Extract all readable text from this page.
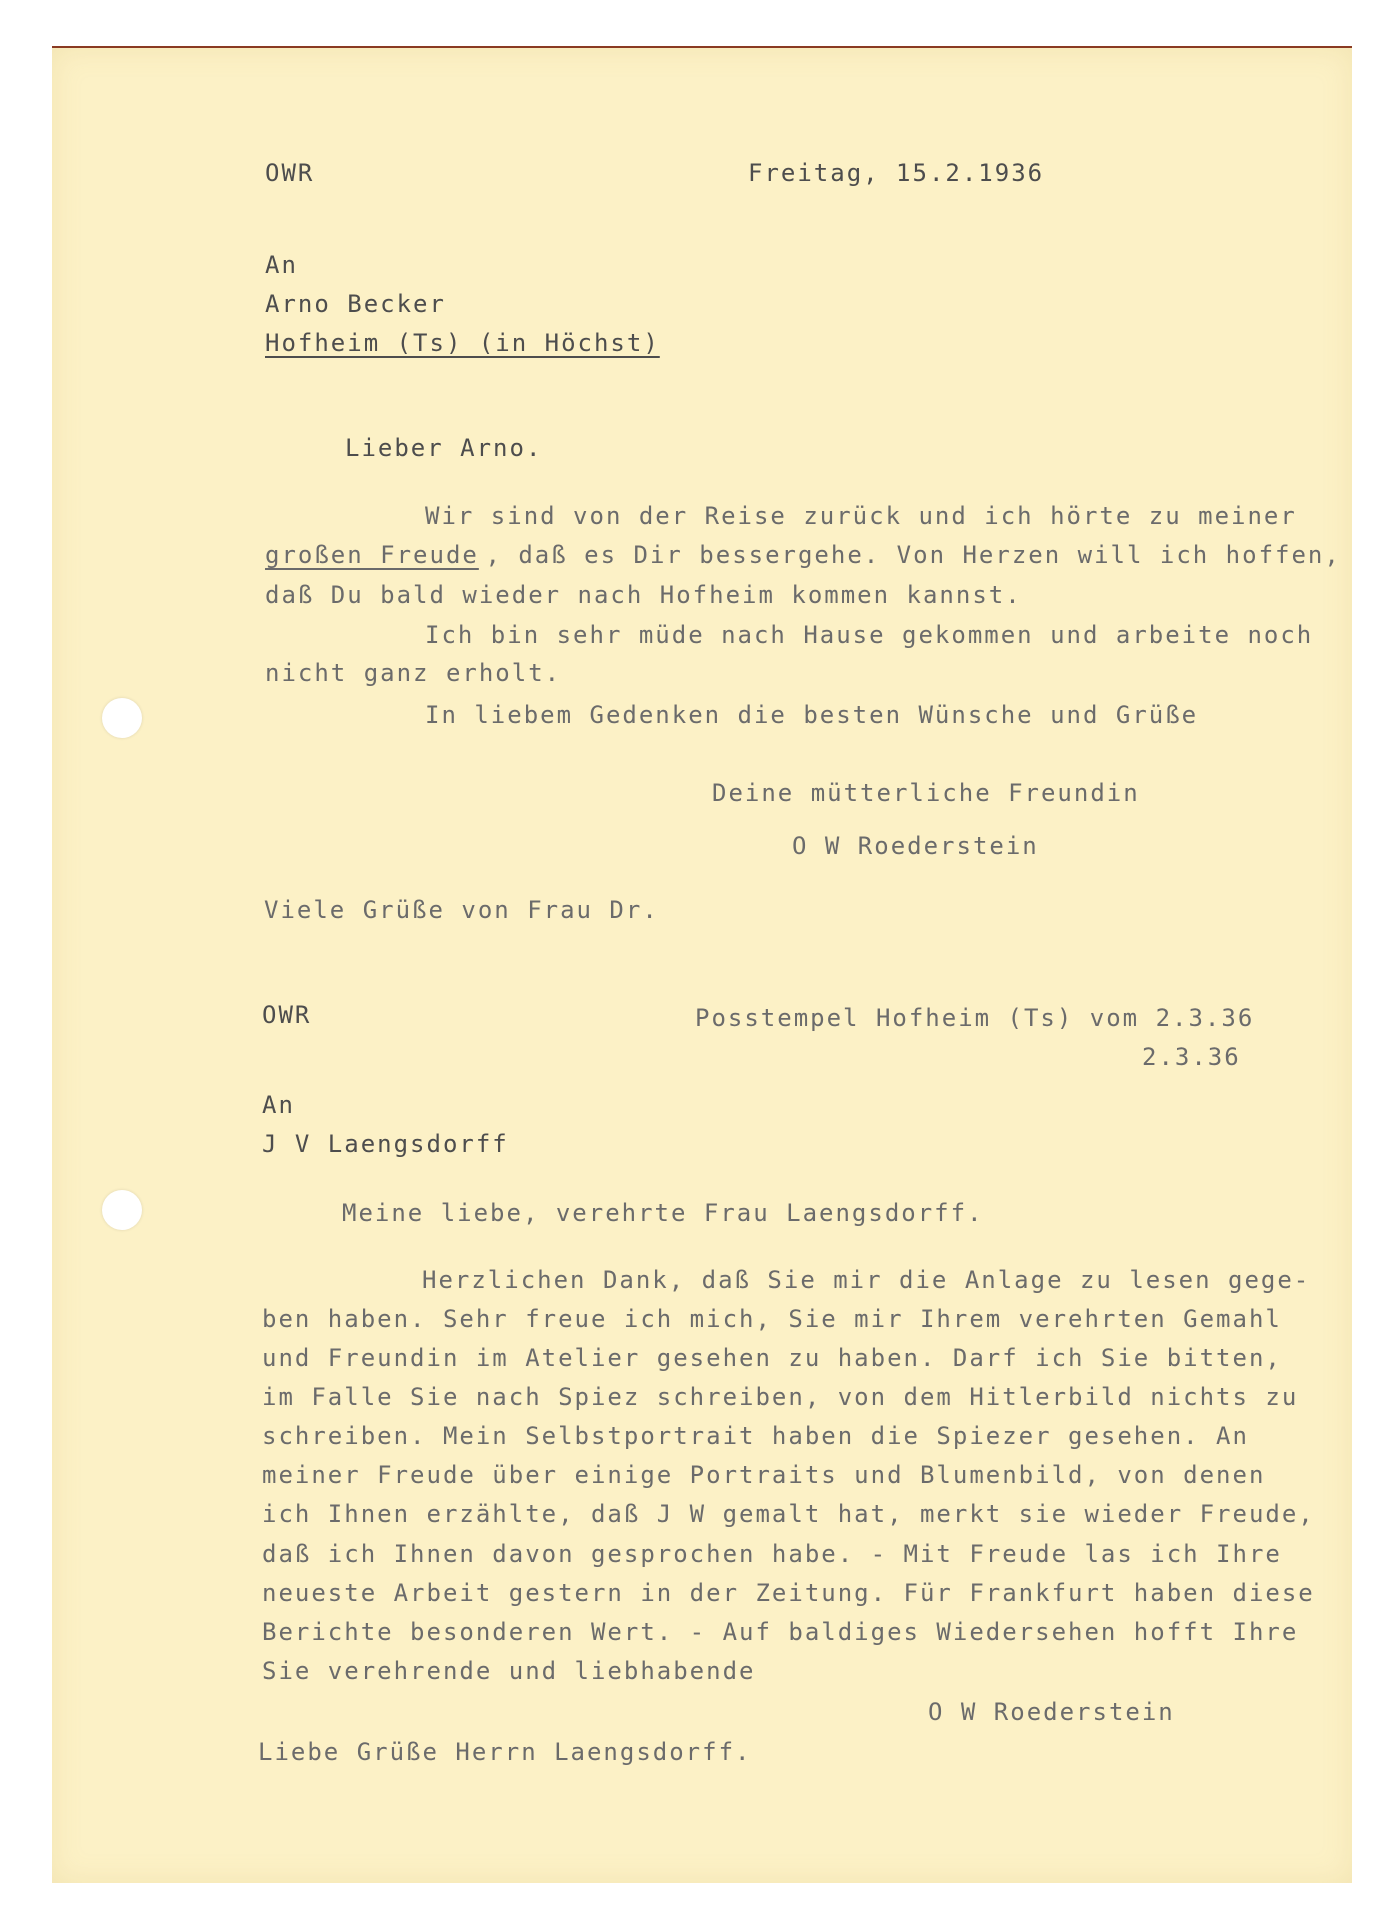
OWR	Freitag, 15.2.1936
An
Arno Becker
Hofheim (Ts) (in Höchst)
Lieber Arno.
Wir sind von der Reise zurück und ich hörte zu meiner
großen Freude
, daß es Dir bessergehe. Von Herzen will ich hoffen,
daß Du bald wieder nach Hofheim kommen kannst.
Ich bin sehr müde nach Hause gekommen und arbeite noch
nicht ganz erholt.
In liebem Gedenken die besten Wünsche und Grüße
Deine mütterliche Freundin
O W Roederstein
Viele Grüße von Frau Dr.
OWR	Posstempel Hofheim (Ts) vom 2.3.36
2.3.36
An
J V Laengsdorff
Meine liebe, verehrte Frau Laengsdorff.
Herzlichen Dank, daß Sie mir die Anlage zu lesen gege-
ben haben. Sehr freue ich mich, Sie mir Ihrem verehrten Gemahl
und Freundin im Atelier gesehen zu haben. Darf ich Sie bitten,
im Falle Sie nach Spiez schreiben, von dem Hitlerbild nichts zu
schreiben. Mein Selbstportrait haben die Spiezer gesehen. An
meiner Freude über einige Portraits und Blumenbild, von denen
ich Ihnen erzählte, daß J W gemalt hat, merkt sie wieder Freude,
daß ich Ihnen davon gesprochen habe. - Mit Freude las ich Ihre
neueste Arbeit gestern in der Zeitung. Für Frankfurt haben diese
Berichte besonderen Wert. - Auf baldiges Wiedersehen hofft Ihre
Sie verehrende und liebhabende
O W Roederstein
Liebe Grüße Herrn Laengsdorff.
